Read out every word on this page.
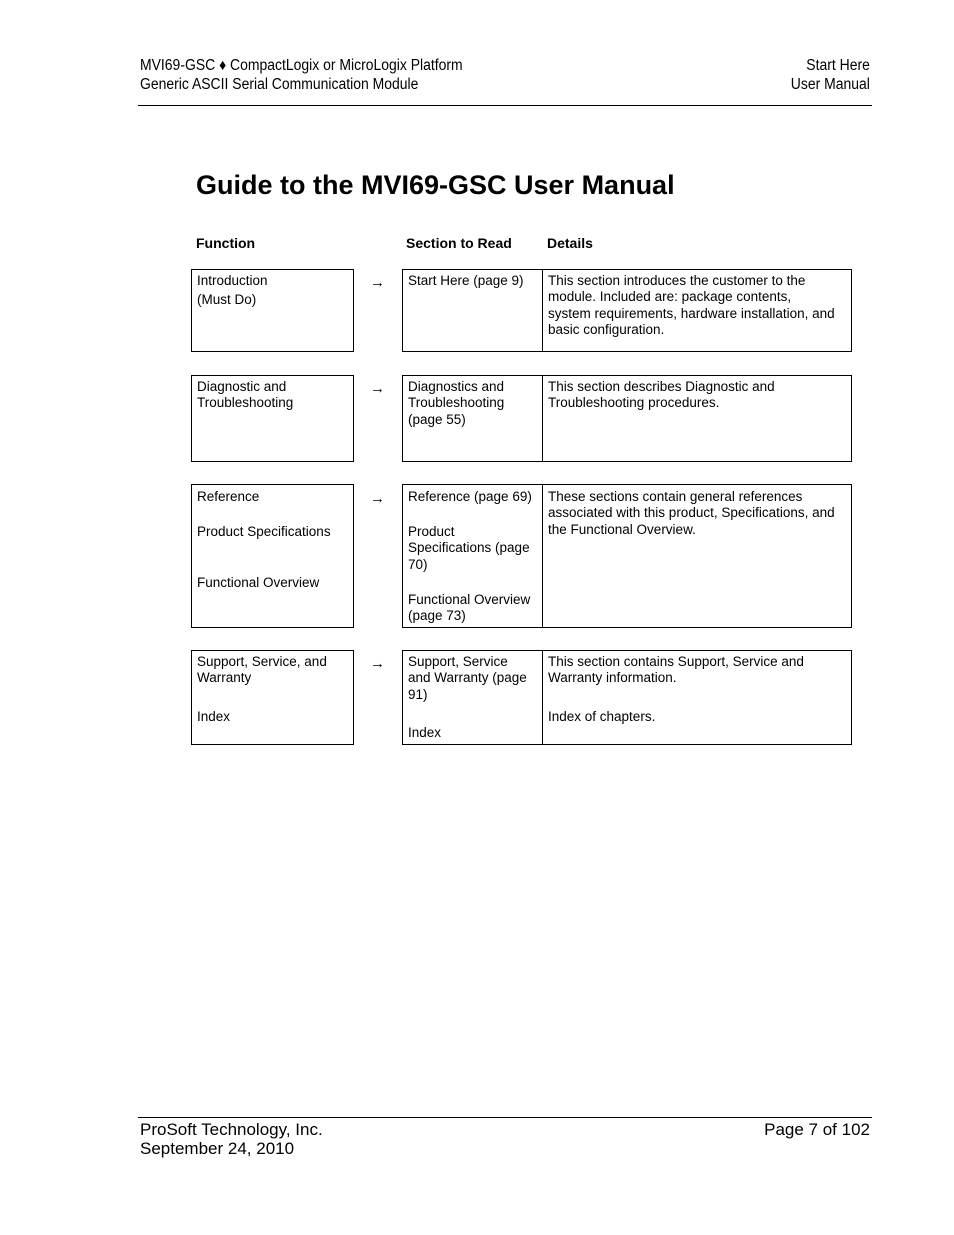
MVI69-GSC ♦ CompactLogix or MicroLogix Platform
Generic ASCII Serial Communication Module
Start Here
User Manual
Guide to the MVI69-GSC User Manual
Function	Section to Read	Details
Introduction
(Must Do)
→ Start Here (page 9) This section introduces the customer to the
module. Included are: package contents,
system requirements, hardware installation, and
basic configuration.
Diagnostic and
Troubleshooting
→ Diagnostics and
Troubleshooting
(page 55)
This section describes Diagnostic and
Troubleshooting procedures.
Reference
Product Specifications
Functional Overview
→ Reference (page 69)
Product
Specifications (page
70)
Functional Overview
(page 73)
These sections contain general references
associated with this product, Specifications, and
the Functional Overview.
Support, Service, and
Warranty
Index
→ Support, Service
and Warranty (page
91)
Index
This section contains Support, Service and
Warranty information.
Index of chapters.
ProSoft Technology, Inc.
September 24, 2010
Page 7 of 102
